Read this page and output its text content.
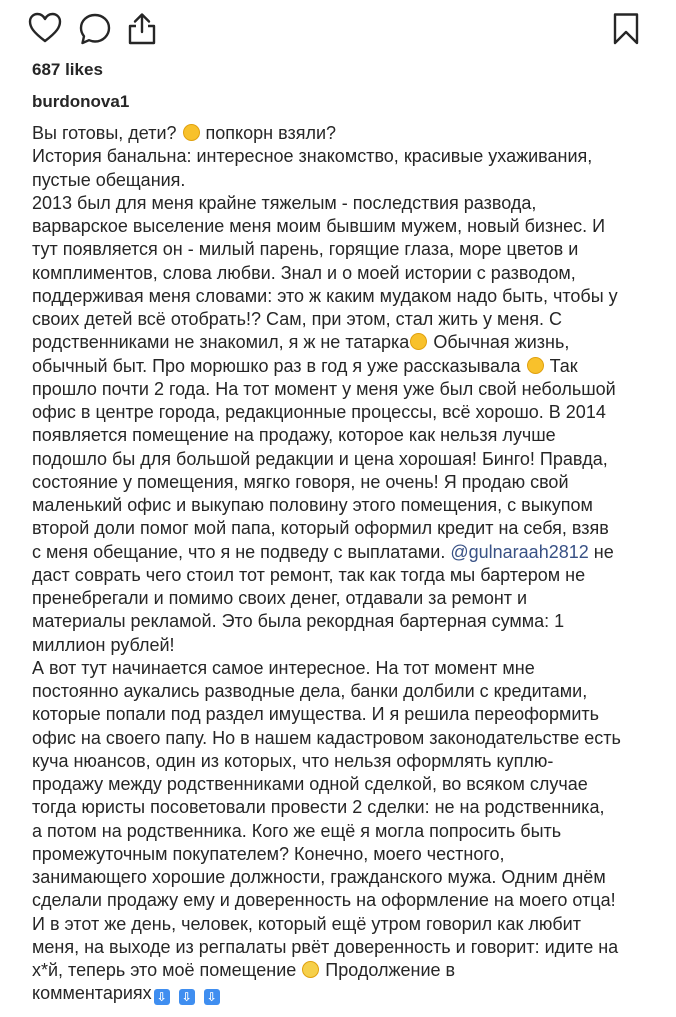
687 likes
burdonova1
Вы готовы, дети?  попкорн взяли?
История банальна: интересное знакомство, красивые ухаживания,
пустые обещания.
2013 был для меня крайне тяжелым - последствия развода,
варварское выселение меня моим бывшим мужем, новый бизнес. И
тут появляется он - милый парень, горящие глаза, море цветов и
комплиментов, слова любви. Знал и о моей истории с разводом,
поддерживая меня словами: это ж каким мудаком надо быть, чтобы у
своих детей всё отобрать!? Сам, при этом, стал жить у меня. С
родственниками не знакомил, я ж не татарка Обычная жизнь,
обычный быт. Про морюшко раз в год я уже рассказывала  Так
прошло почти 2 года. На тот момент у меня уже был свой небольшой
офис в центре города, редакционные процессы, всё хорошо. В 2014
появляется помещение на продажу, которое как нельзя лучше
подошло бы для большой редакции и цена хорошая! Бинго! Правда,
состояние у помещения, мягко говоря, не очень! Я продаю свой
маленький офис и выкупаю половину этого помещения, с выкупом
второй доли помог мой папа, который оформил кредит на себя, взяв
с меня обещание, что я не подведу с выплатами. @gulnaraah2812 не
даст соврать чего стоил тот ремонт, так как тогда мы бартером не
пренебрегали и помимо своих денег, отдавали за ремонт и
материалы рекламой. Это была рекордная бартерная сумма: 1
миллион рублей!
А вот тут начинается самое интересное. На тот момент мне
постоянно аукались разводные дела, банки долбили с кредитами,
которые попали под раздел имущества. И я решила переоформить
офис на своего папу. Но в нашем кадастровом законодательстве есть
куча нюансов, один из которых, что нельзя оформлять куплю-
продажу между родственниками одной сделкой, во всяком случае
тогда юристы посоветовали провести 2 сделки: не на родственника,
а потом на родственника. Кого же ещё я могла попросить быть
промежуточным покупателем? Конечно, моего честного,
занимающего хорошие должности, гражданского мужа. Одним днём
сделали продажу ему и доверенность на оформление на моего отца!
И в этот же день, человек, который ещё утром говорил как любит
меня, на выходе из регпалаты рвёт доверенность и говорит: идите на
х*й, теперь это моё помещение  Продолжение в
комментариях ⇩ ⇩ ⇩
